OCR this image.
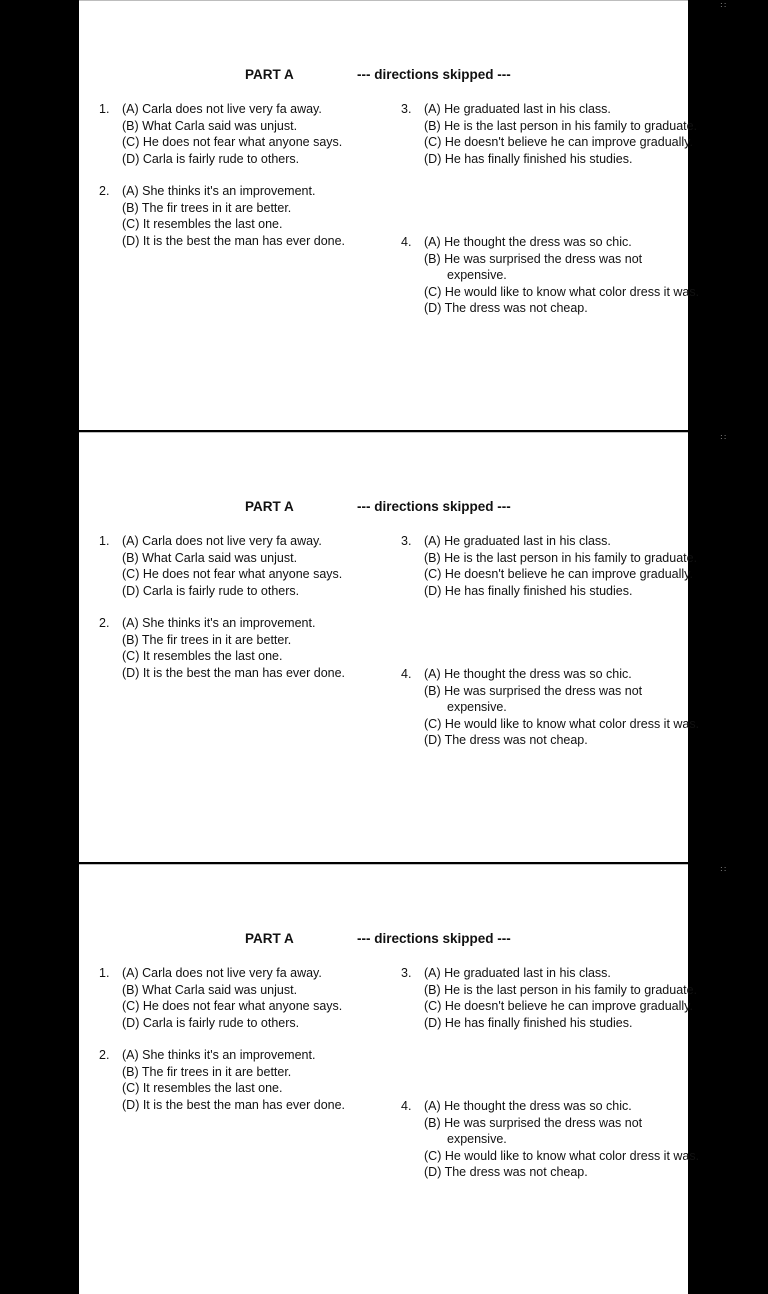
PART A	--- directions skipped ---
1. (A) Carla does not live very fa away.
(B) What Carla said was unjust.
(C) He does not fear what anyone says.
(D) Carla is fairly rude to others.
2. (A) She thinks it's an improvement.
(B) The fir trees in it are better.
(C) It resembles the last one.
(D) It is the best the man has ever done.
3. (A) He graduated last in his class.
(B) He is the last person in his family to graduate.
(C) He doesn't believe he can improve gradually.
(D) He has finally finished his studies.
4. (A) He thought the dress was so chic.
(B) He was surprised the dress was not expensive.
(C) He would like to know what color dress it was.
(D) The dress was not cheap.
PART A	--- directions skipped ---
1. (A) Carla does not live very fa away.
(B) What Carla said was unjust.
(C) He does not fear what anyone says.
(D) Carla is fairly rude to others.
2. (A) She thinks it's an improvement.
(B) The fir trees in it are better.
(C) It resembles the last one.
(D) It is the best the man has ever done.
3. (A) He graduated last in his class.
(B) He is the last person in his family to graduate.
(C) He doesn't believe he can improve gradually.
(D) He has finally finished his studies.
4. (A) He thought the dress was so chic.
(B) He was surprised the dress was not expensive.
(C) He would like to know what color dress it was.
(D) The dress was not cheap.
PART A	--- directions skipped ---
1. (A) Carla does not live very fa away.
(B) What Carla said was unjust.
(C) He does not fear what anyone says.
(D) Carla is fairly rude to others.
2. (A) She thinks it's an improvement.
(B) The fir trees in it are better.
(C) It resembles the last one.
(D) It is the best the man has ever done.
3. (A) He graduated last in his class.
(B) He is the last person in his family to graduate.
(C) He doesn't believe he can improve gradually.
(D) He has finally finished his studies.
4. (A) He thought the dress was so chic.
(B) He was surprised the dress was not expensive.
(C) He would like to know what color dress it was.
(D) The dress was not cheap.
::
::
::
